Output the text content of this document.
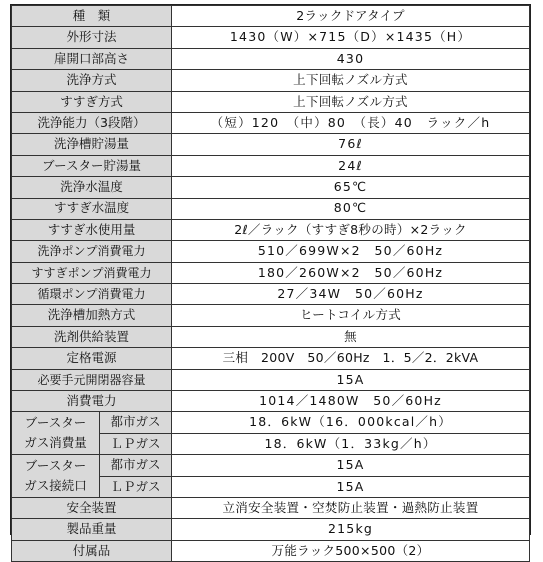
種　類		2ラックドアタイプ
外形寸法		1430（W）×715（D）×1435（H）
扉開口部高さ		430
洗浄方式		上下回転ノズル方式
すすぎ方式		上下回転ノズル方式
洗浄能力（3段階）		（短）120　（中）80　（長）40　ラック／h
洗浄槽貯湯量		76ℓ
ブースター貯湯量		24ℓ
洗浄水温度		65℃
すすぎ水温度		80℃
すすぎ水使用量		2ℓ／ラック（すすぎ8秒の時）×2ラック
洗浄ポンプ消費電力		510／699W×2　50／60Hz
すすぎポンプ消費電力		180／260W×2　50／60Hz
循環ポンプ消費電力		27／34W　50／60Hz
洗浄槽加熱方式		ヒートコイル方式
洗剤供給装置		無
定格電源		三相　200V　50／60Hz　1．5／2．2kVA
必要手元開閉器容量		15A
消費電力		1014／1480W　50／60Hz

ブースター
ガス消費量	都市ガス	18．6kW（16．000kcal／h）
	ＬＰガス	18．6kW（1．33kg／h）

ブースター
ガス接続口	都市ガス	15A
	ＬＰガス	15A
安全装置		立消安全装置・空焚防止装置・過熱防止装置
製品重量		215kg
付属品		万能ラック500×500（2）
